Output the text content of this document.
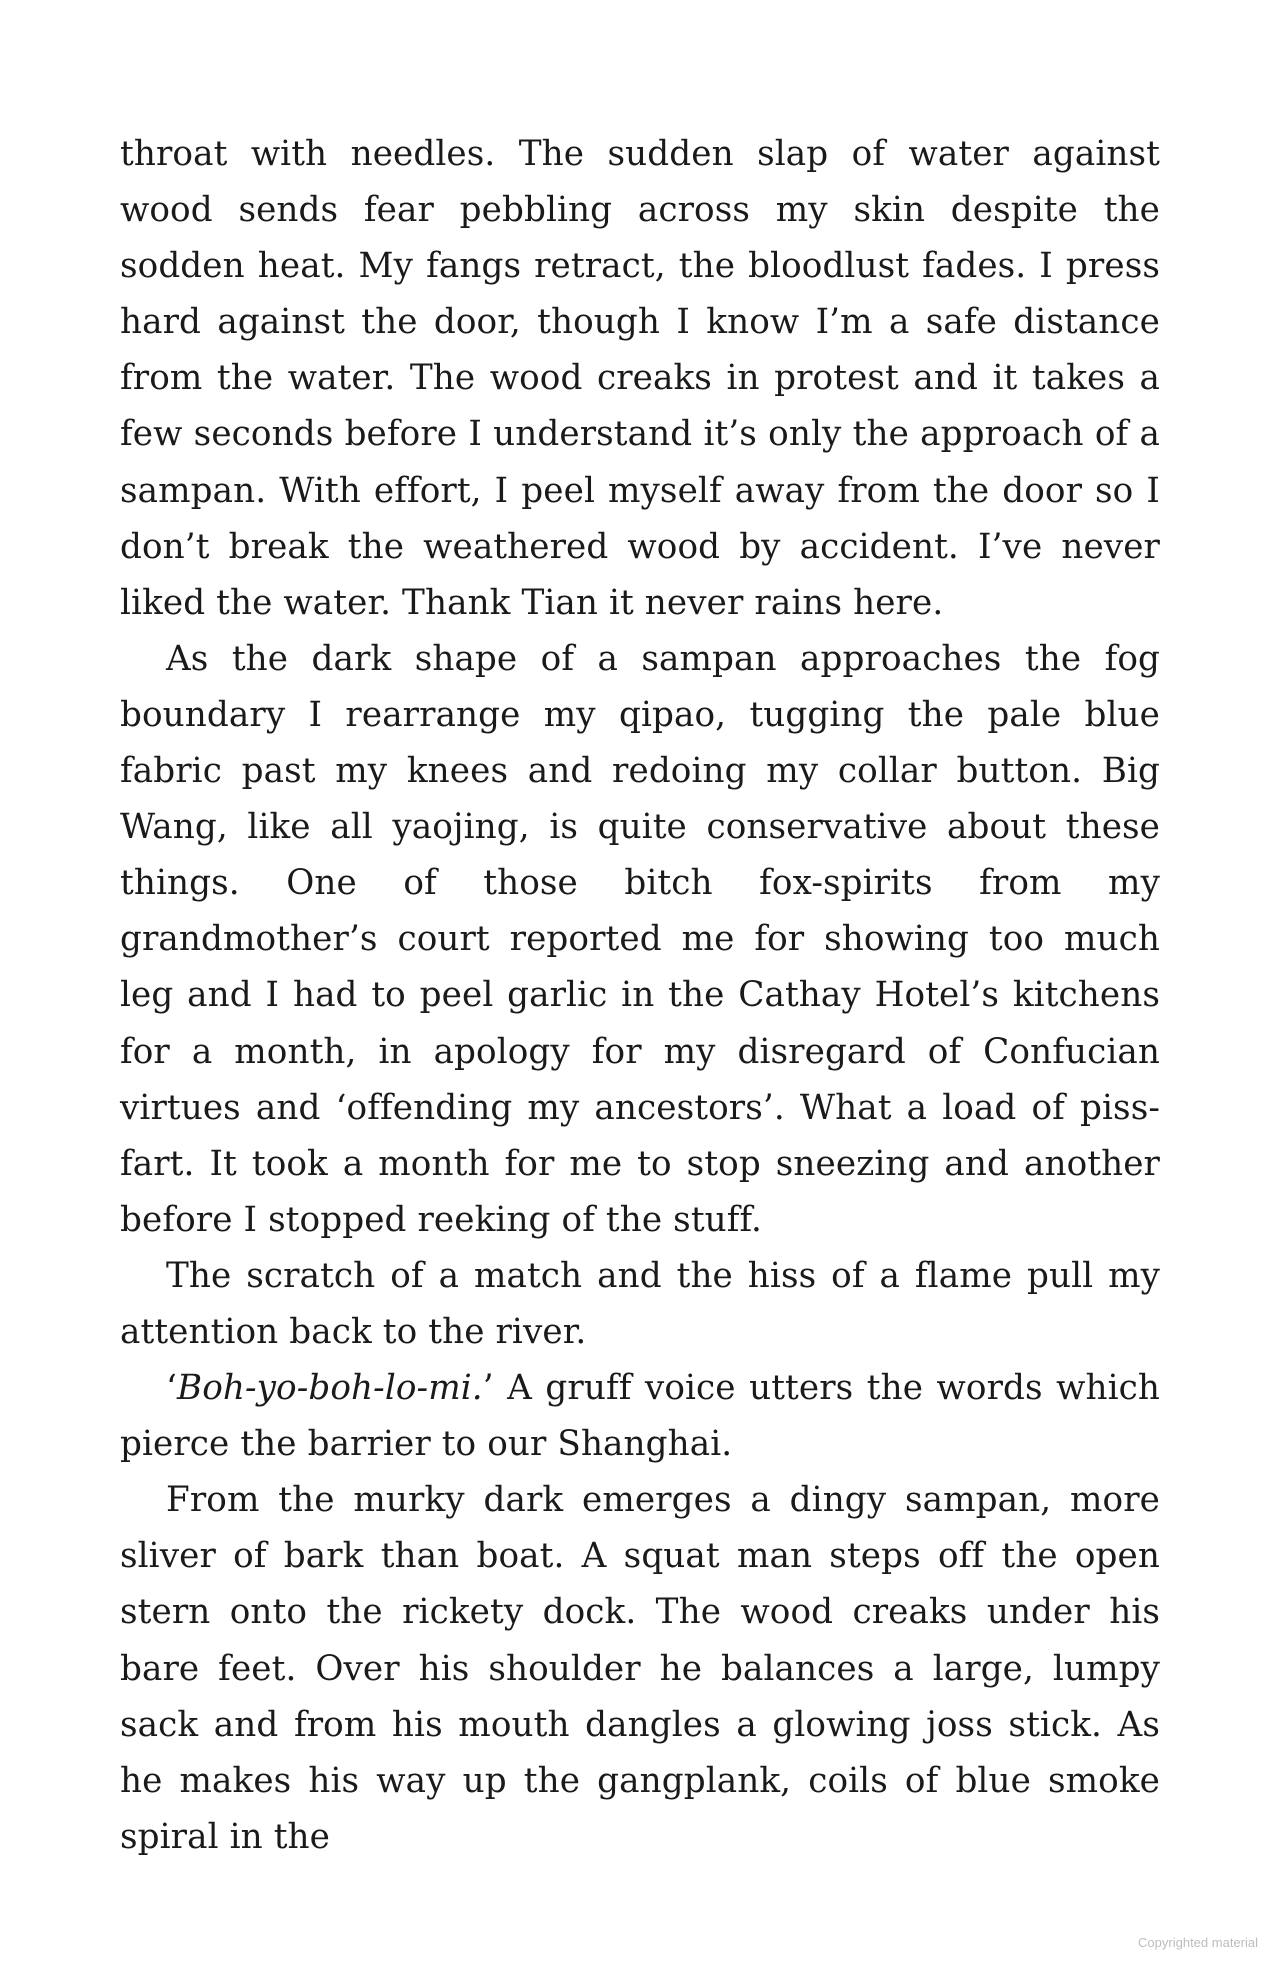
throat with needles. The sudden slap of water against wood sends fear pebbling across my skin despite the sodden heat. My fangs retract, the bloodlust fades. I press hard against the door, though I know I’m a safe distance from the water. The wood creaks in protest and it takes a few seconds before I understand it’s only the approach of a sampan. With effort, I peel myself away from the door so I don’t break the weathered wood by accident. I’ve never liked the water. Thank Tian it never rains here.

As the dark shape of a sampan approaches the fog boundary I rearrange my qipao, tugging the pale blue fabric past my knees and redoing my collar button. Big Wang, like all yaojing, is quite conservative about these things. One of those bitch fox-spirits from my grandmother’s court reported me for showing too much leg and I had to peel garlic in the Cathay Hotel’s kitchens for a month, in apology for my disregard of Confucian virtues and ‘offending my ancestors’. What a load of piss-fart. It took a month for me to stop sneezing and another before I stopped reeking of the stuff.

The scratch of a match and the hiss of a flame pull my attention back to the river.

‘Boh-yo-boh-lo-mi.’ A gruff voice utters the words which pierce the barrier to our Shanghai.

From the murky dark emerges a dingy sampan, more sliver of bark than boat. A squat man steps off the open stern onto the rickety dock. The wood creaks under his bare feet. Over his shoulder he balances a large, lumpy sack and from his mouth dangles a glowing joss stick. As he makes his way up the gangplank, coils of blue smoke spiral in the

Copyrighted material
